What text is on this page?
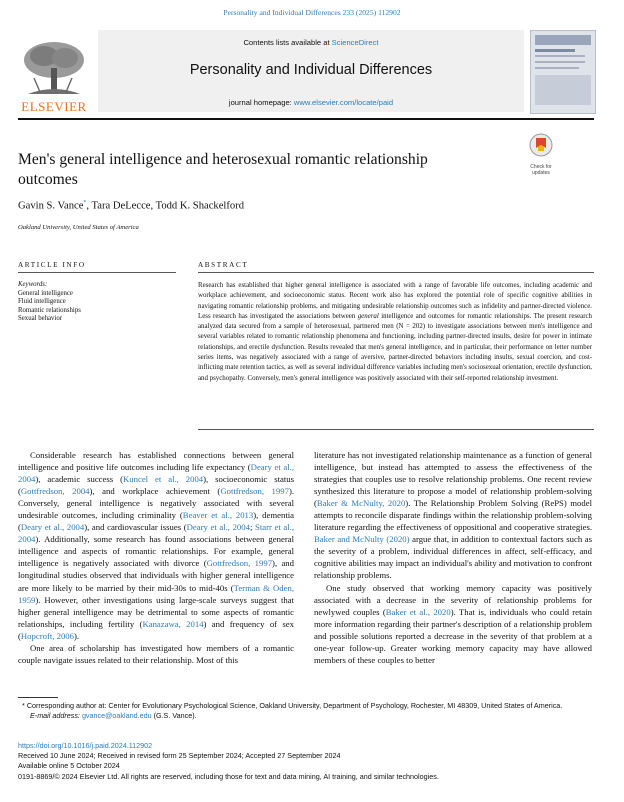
Personality and Individual Differences 233 (2025) 112902
ELSEVIER
Contents lists available at ScienceDirect
Personality and Individual Differences
journal homepage: www.elsevier.com/locate/paid
Check for updates
Men's general intelligence and heterosexual romantic relationship outcomes
Gavin S. Vance*, Tara DeLecce, Todd K. Shackelford
Oakland University, United States of America
ARTICLE INFO	ABSTRACT
Keywords:
General intelligence
Fluid intelligence
Romantic relationships
Sexual behavior
Research has established that higher general intelligence is associated with a range of favorable life outcomes, including academic and workplace achievement, and socioeconomic status. Recent work also has explored the potential role of specific cognitive abilities in navigating romantic relationship problems, and mitigating undesirable relationship outcomes such as infidelity and partner-directed violence. Less research has investigated the associations between general intelligence and outcomes for romantic relationships. The present research analyzed data secured from a sample of heterosexual, partnered men (N = 202) to investigate associations between men's intelligence and several variables related to romantic relationship phenomena and functioning, including partner-directed insults, desire for power in intimate relationships, and erectile dysfunction. Results revealed that men's general intelligence, and in particular, their performance on letter number series items, was negatively associated with a range of aversive, partner-directed behaviors including insults, sexual coercion, and cost-inflicting mate retention tactics, as well as several individual difference variables including men's sociosexual orientation, erectile dysfunction, and psychopathy. Conversely, men's general intelligence was positively associated with their self-reported relationship investment.

Considerable research has established connections between general intelligence and positive life outcomes including life expectancy (Deary et al., 2004), academic success (Kuncel et al., 2004), socioeconomic status (Gottfredson, 2004), and workplace achievement (Gottfredson, 1997). Conversely, general intelligence is negatively associated with several undesirable outcomes, including criminality (Beaver et al., 2013), dementia (Deary et al., 2004), and cardiovascular issues (Deary et al., 2004; Starr et al., 2004). Additionally, some research has found associations between general intelligence and aspects of romantic relationships. For example, general intelligence is negatively associated with divorce (Gottfredson, 1997), and longitudinal studies observed that individuals with higher general intelligence are more likely to be married by their mid-30s to mid-40s (Terman & Oden, 1959). However, other investigations using large-scale surveys suggest that higher general intelligence may be detrimental to some aspects of romantic relationships, including fertility (Kanazawa, 2014) and frequency of sex (Hopcroft, 2006).

One area of scholarship has investigated how members of a romantic couple navigate issues related to their relationship. Most of this

literature has not investigated relationship maintenance as a function of general intelligence, but instead has attempted to assess the effectiveness of the strategies that couples use to resolve relationship problems. One recent review synthesized this literature to propose a model of relationship problem-solving (Baker & McNulty, 2020). The Relationship Problem Solving (RePS) model attempts to reconcile disparate findings within the relationship problem-solving literature regarding the effectiveness of oppositional and cooperative strategies. Baker and McNulty (2020) argue that, in addition to contextual factors such as the severity of a problem, individual differences in affect, self-efficacy, and cognitive abilities may impact an individual's ability and motivation to confront relationship problems.

One study observed that working memory capacity was positively associated with a decrease in the severity of relationship problems for newlywed couples (Baker et al., 2020). That is, individuals who could retain more information regarding their partner's description of a relationship problem and possible solutions reported a decrease in the severity of that problem at a one-year follow-up. Greater working memory capacity may have allowed members of these couples to better

* Corresponding author at: Center for Evolutionary Psychological Science, Oakland University, Department of Psychology, Rochester, MI 48309, United States of America.
E-mail address: gvance@oakland.edu (G.S. Vance).
https://doi.org/10.1016/j.paid.2024.112902
Received 10 June 2024; Received in revised form 25 September 2024; Accepted 27 September 2024
Available online 5 October 2024
0191-8869/© 2024 Elsevier Ltd. All rights are reserved, including those for text and data mining, AI training, and similar technologies.
